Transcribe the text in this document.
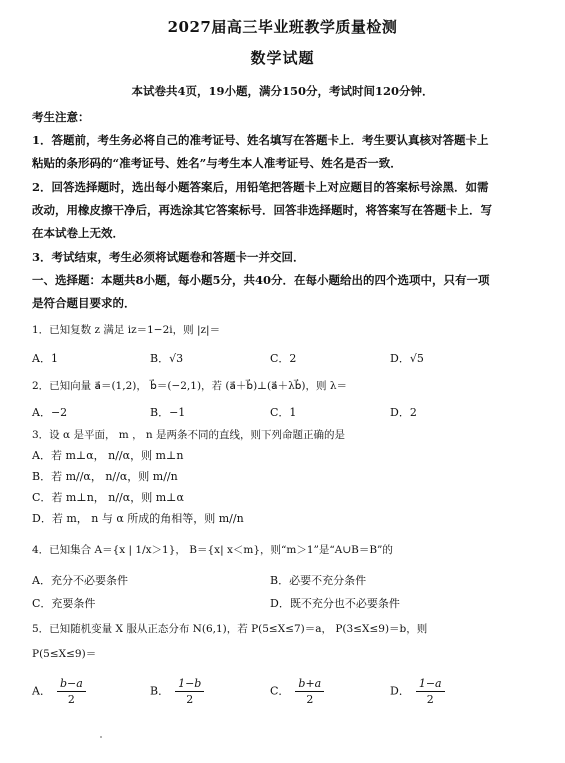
2027届高三毕业班教学质量检测
数学试题
本试卷共4页，19小题，满分150分，考试时间120分钟．
考生注意：
1．答题前，考生务必将自己的准考证号、姓名填写在答题卡上．考生要认真核对答题卡上
粘贴的条形码的“准考证号、姓名”与考生本人准考证号、姓名是否一致．
2．回答选择题时，选出每小题答案后，用铅笔把答题卡上对应题目的答案标号涂黑．如需
改动，用橡皮擦干净后，再选涂其它答案标号．回答非选择题时，将答案写在答题卡上．写
在本试卷上无效．
3．考试结束，考生必须将试题卷和答题卡一并交回．
一、选择题：本题共8小题，每小题5分，共40分．在每小题给出的四个选项中，只有一项
是符合题目要求的．
1．已知复数 z 满足 iz＝1−2i，则 |z|＝
A．1	B．√3	C．2	D．√5
2．已知向量 a⃗＝(1,2)， b⃗＝(−2,1)，若 (a⃗＋b⃗)⊥(a⃗＋λb⃗)，则 λ＝
A．−2	B．−1	C．1	D．2
3．设 α 是平面， m ， n 是两条不同的直线，则下列命题正确的是
A．若 m⊥α， n//α，则 m⊥n
B．若 m//α， n//α，则 m//n
C．若 m⊥n， n//α，则 m⊥α
D．若 m， n 与 α 所成的角相等，则 m//n
4．已知集合 A＝{x | 1/x＞1}， B＝{x| x＜m}，则“m＞1”是“A∪B＝B”的
A．充分不必要条件	B．必要不充分条件
C．充要条件	D．既不充分也不必要条件
5．已知随机变量 X 服从正态分布 N(6,1)，若 P(5≤X≤7)＝a， P(3≤X≤9)＝b，则
P(5≤X≤9)＝
A． $\frac{b-a}{2}$	B． $\frac{1-b}{2}$	C． $\frac{b+a}{2}$	D． $\frac{1-a}{2}$
